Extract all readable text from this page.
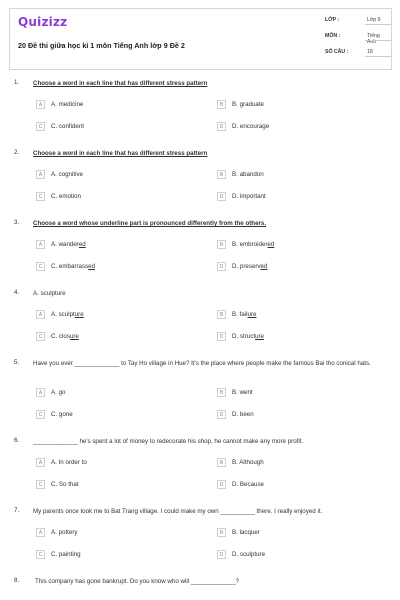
Quizizz
20 Đề thi giữa học kì 1 môn Tiếng Anh lớp 9 Đề 2
LỚP :	Lớp 9
MÔN :	Tiếng Anh
SỐ CÂU :	18
1. Choose a word in each line that has different stress pattern
A	A. medicine	B	B. graduate
C	C. confident	D	D. encourage
2. Choose a word in each line that has different stress pattern
A	A. cognitive	B	B. abandon
C	C. emotion	D	D. important
3. Choose a word whose underline part is pronounced differently from the others.
A	A. wandered	B	B. embroidered
C	C. embarrassed	D	D. preserved
4. A. sculpture
A	A. sculpture	B	B. failure
C	C. closure	D	D. structure
5. Have you ever _____________ to Tay Ho village in Hue? It's the place where people make the famous Bai tho conical hats.
A	A. go	B	B. went
C	C. gone	D	D. been
6. _____________ he's spent a lot of money to redecorate his shop, he cannot make any more profit.
A	A. In order to	B	B. Although
C	C. So that	D	D. Because
7. My parents once took me to Bat Trang village. I could make my own __________ there. I really enjoyed it.
A	A. pottery	B	B. lacquer
C	C. painting	D	D. sculpture
8.	This company has gone bankrupt. Do you know who will _____________?
